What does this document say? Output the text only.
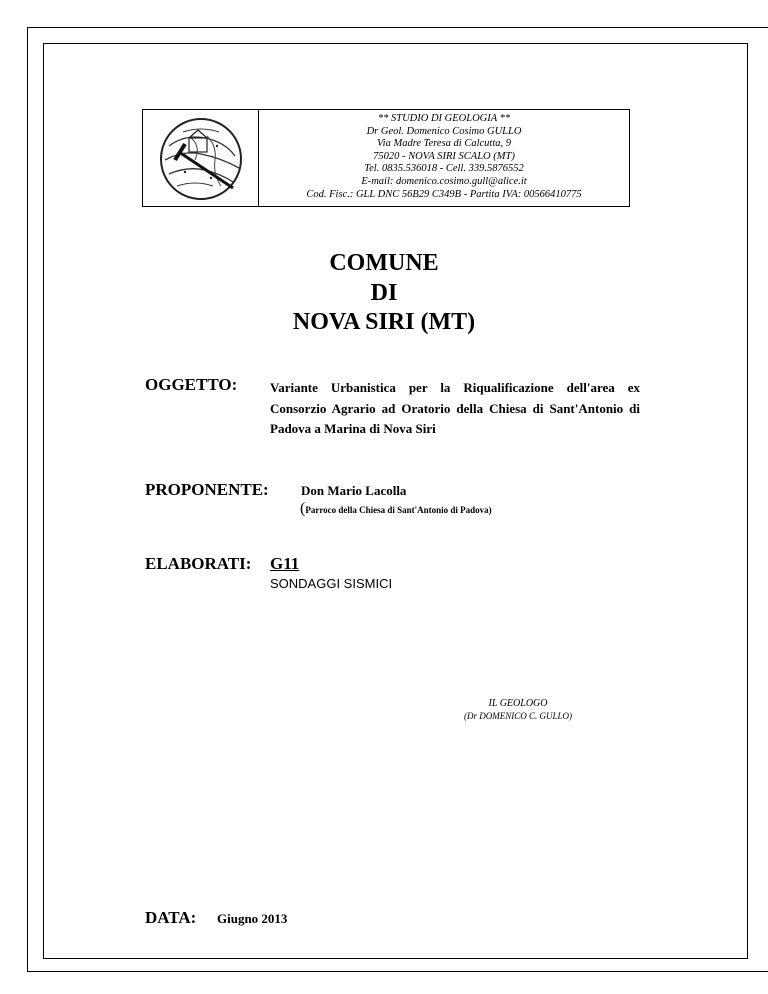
** STUDIO DI GEOLOGIA **
Dr Geol. Domenico Cosimo GULLO
Via Madre Teresa di Calcutta, 9
75020 - NOVA SIRI SCALO (MT)
Tel. 0835.536018 - Cell. 339.5876552
E-mail: domenico.cosimo.gull@alice.it
Cod. Fisc.: GLL DNC 56B29 C349B - Partita IVA: 00566410775
COMUNE
DI
NOVA SIRI (MT)
OGGETTO:	Variante Urbanistica per la Riqualificazione dell'area ex Consorzio Agrario ad Oratorio della Chiesa di Sant'Antonio di Padova a Marina di Nova Siri
PROPONENTE: Don Mario Lacolla
(Parroco della Chiesa di Sant'Antonio di Padova)
ELABORATI: G11
SONDAGGI SISMICI
IL GEOLOGO
(Dr DOMENICO C. GULLO)
DATA: Giugno 2013
